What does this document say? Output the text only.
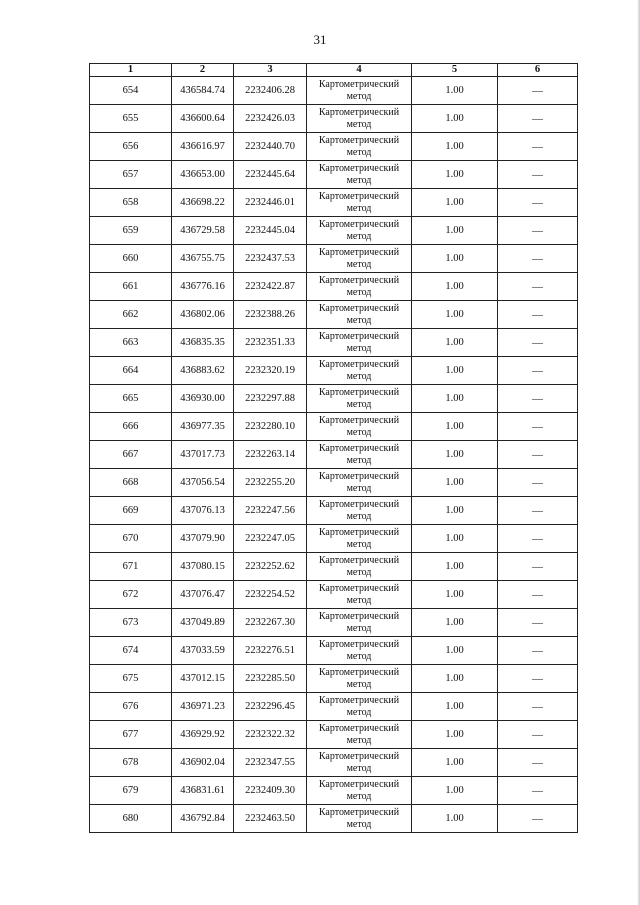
31
1	2	3	4	5	6
654	436584.74	2232406.28	Картометрический метод	1.00	—
655	436600.64	2232426.03	Картометрический метод	1.00	—
656	436616.97	2232440.70	Картометрический метод	1.00	—
657	436653.00	2232445.64	Картометрический метод	1.00	—
658	436698.22	2232446.01	Картометрический метод	1.00	—
659	436729.58	2232445.04	Картометрический метод	1.00	—
660	436755.75	2232437.53	Картометрический метод	1.00	—
661	436776.16	2232422.87	Картометрический метод	1.00	—
662	436802.06	2232388.26	Картометрический метод	1.00	—
663	436835.35	2232351.33	Картометрический метод	1.00	—
664	436883.62	2232320.19	Картометрический метод	1.00	—
665	436930.00	2232297.88	Картометрический метод	1.00	—
666	436977.35	2232280.10	Картометрический метод	1.00	—
667	437017.73	2232263.14	Картометрический метод	1.00	—
668	437056.54	2232255.20	Картометрический метод	1.00	—
669	437076.13	2232247.56	Картометрический метод	1.00	—
670	437079.90	2232247.05	Картометрический метод	1.00	—
671	437080.15	2232252.62	Картометрический метод	1.00	—
672	437076.47	2232254.52	Картометрический метод	1.00	—
673	437049.89	2232267.30	Картометрический метод	1.00	—
674	437033.59	2232276.51	Картометрический метод	1.00	—
675	437012.15	2232285.50	Картометрический метод	1.00	—
676	436971.23	2232296.45	Картометрический метод	1.00	—
677	436929.92	2232322.32	Картометрический метод	1.00	—
678	436902.04	2232347.55	Картометрический метод	1.00	—
679	436831.61	2232409.30	Картометрический метод	1.00	—
680	436792.84	2232463.50	Картометрический метод	1.00	—
